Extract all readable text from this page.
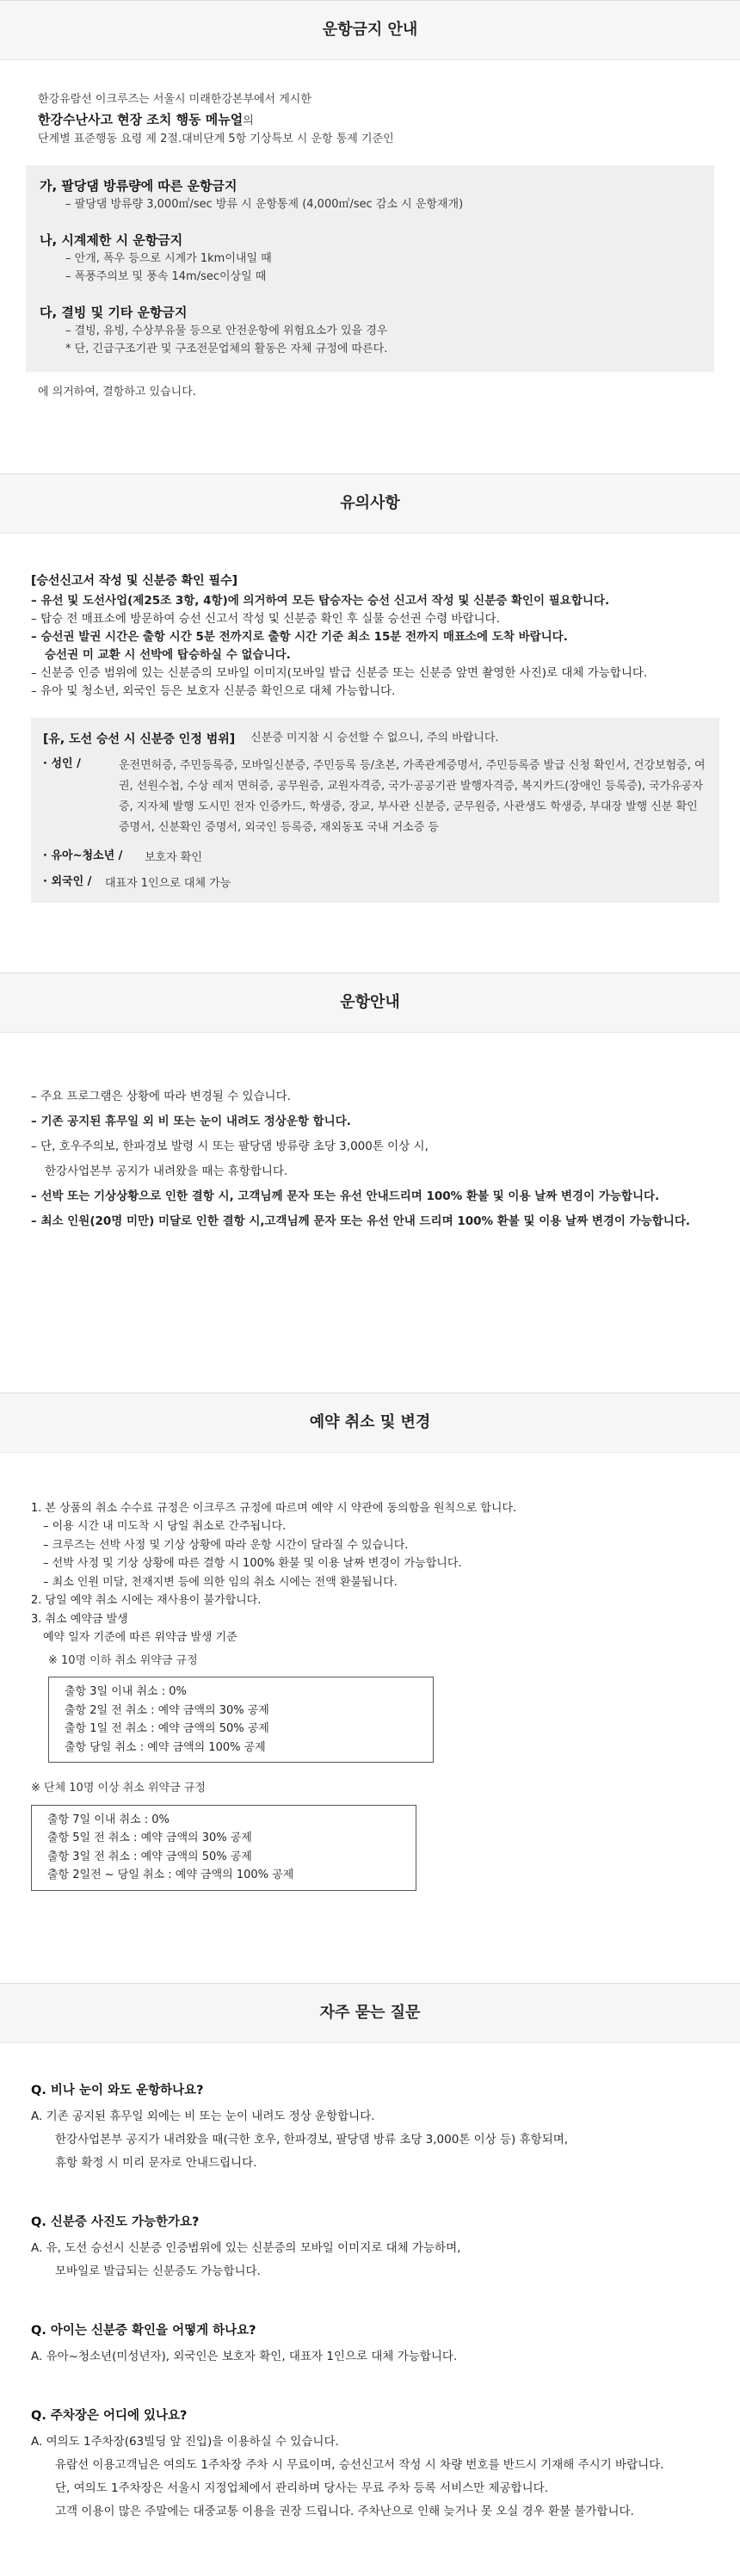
운항금지 안내
한강유람선 이크루즈는 서울시 미래한강본부에서 게시한
한강수난사고 현장 조치 행동 메뉴얼의
단계별 표준행동 요령 제 2절.대비단계 5항 기상특보 시 운항 통제 기준인
가, 팔당댐 방류량에 따른 운항금지
– 팔당댐 방류량 3,000㎥/sec 방류 시 운항통제 (4,000㎥/sec 감소 시 운항재개)
나, 시계제한 시 운항금지
– 안개, 폭우 등으로 시계가 1km이내일 때
– 폭풍주의보 및 풍속 14m/sec이상일 때
다, 결빙 및 기타 운항금지
– 결빙, 유빙, 수상부유물 등으로 안전운항에 위험요소가 있을 경우
* 단, 긴급구조기관 및 구조전문업체의 활동은 자체 규정에 따른다.
에 의거하여, 결항하고 있습니다.
유의사항
[승선신고서 작성 및 신분증 확인 필수]
– 유선 및 도선사업(제25조 3항, 4항)에 의거하여 모든 탑승자는 승선 신고서 작성 및 신분증 확인이 필요합니다.
– 탑승 전 매표소에 방문하여 승선 신고서 작성 및 신분증 확인 후 실물 승선권 수령 바랍니다.
– 승선권 발권 시간은 출항 시간 5분 전까지로 출항 시간 기준 최소 15분 전까지 매표소에 도착 바랍니다.
승선권 미 교환 시 선박에 탑승하실 수 없습니다.
– 신분증 인증 범위에 있는 신분증의 모바일 이미지(모바일 발급 신분증 또는 신분증 앞면 촬영한 사진)로 대체 가능합니다.
– 유아 및 청소년, 외국인 등은 보호자 신분증 확인으로 대체 가능합니다.
[유, 도선 승선 시 신분증 인정 범위] 신분증 미지참 시 승선할 수 없으니, 주의 바랍니다.
· 성인 /	운전면허증, 주민등록증, 모바일신분증, 주민등록 등/초본, 가족관계증명서, 주민등록증 발급 신청 확인서, 건강보험증, 여권, 선원수첩, 수상 레저 면허증, 공무원증, 교원자격증, 국가‧공공기관 발행자격증, 복지카드(장애인 등록증), 국가유공자증, 지자체 발행 도시민 전자 인증카드, 학생증, 장교, 부사관 신분증, 군무원증, 사관생도 학생증, 부대장 발행 신분 확인 증명서, 신분확인 증명서, 외국인 등록증, 재외동포 국내 거소증 등
· 유아~청소년 /	보호자 확인
· 외국인 /	대표자 1인으로 대체 가능
운항안내
– 주요 프로그램은 상황에 따라 변경될 수 있습니다.
– 기존 공지된 휴무일 외 비 또는 눈이 내려도 정상운항 합니다.
– 단, 호우주의보, 한파경보 발령 시 또는 팔당댐 방류량 초당 3,000톤 이상 시,
한강사업본부 공지가 내려왔을 때는 휴항합니다.
– 선박 또는 기상상황으로 인한 결항 시, 고객님께 문자 또는 유선 안내드리며 100% 환불 및 이용 날짜 변경이 가능합니다.
– 최소 인원(20명 미만) 미달로 인한 결항 시,고객님께 문자 또는 유선 안내 드리며 100% 환불 및 이용 날짜 변경이 가능합니다.
예약 취소 및 변경
1. 본 상품의 취소 수수료 규정은 이크루즈 규정에 따르며 예약 시 약관에 동의함을 원칙으로 합니다.
– 이용 시간 내 미도착 시 당일 취소로 간주됩니다.
– 크루즈는 선박 사정 및 기상 상황에 따라 운항 시간이 달라질 수 있습니다.
– 선박 사정 및 기상 상황에 따른 결항 시 100% 환불 및 이용 날짜 변경이 가능합니다.
– 최소 인원 미달, 천재지변 등에 의한 임의 취소 시에는 전액 환불됩니다.
2. 당일 예약 취소 시에는 재사용이 불가합니다.
3. 취소 예약금 발생
예약 일자 기준에 따른 위약금 발생 기준
※ 10명 이하 취소 위약금 규정
출항 3일 이내 취소 : 0%
출항 2일 전 취소 : 예약 금액의 30% 공제
출항 1일 전 취소 : 예약 금액의 50% 공제
출항 당일 취소 : 예약 금액의 100% 공제
※ 단체 10명 이상 취소 위약금 규정
출항 7일 이내 취소 : 0%
출항 5일 전 취소 : 예약 금액의 30% 공제
출항 3일 전 취소 : 예약 금액의 50% 공제
출항 2일전 ~ 당일 취소 : 예약 금액의 100% 공제
자주 묻는 질문
Q. 비나 눈이 와도 운항하나요?
A. 기존 공지된 휴무일 외에는 비 또는 눈이 내려도 정상 운항합니다.
한강사업본부 공지가 내려왔을 때(극한 호우, 한파경보, 팔당댐 방류 초당 3,000톤 이상 등) 휴항되며,
휴항 확정 시 미리 문자로 안내드립니다.
Q. 신분증 사진도 가능한가요?
A. 유, 도선 승선시 신분증 인증범위에 있는 신분증의 모바일 이미지로 대체 가능하며,
모바일로 발급되는 신분증도 가능합니다.
Q. 아이는 신분증 확인을 어떻게 하나요?
A. 유아~청소년(미성년자), 외국인은 보호자 확인, 대표자 1인으로 대체 가능합니다.
Q. 주차장은 어디에 있나요?
A. 여의도 1주차장(63빌딩 앞 진입)을 이용하실 수 있습니다.
유람선 이용고객님은 여의도 1주차장 주차 시 무료이며, 승선신고서 작성 시 차량 번호를 반드시 기재해 주시기 바랍니다.
단, 여의도 1주차장은 서울시 지정업체에서 관리하며 당사는 무료 주차 등록 서비스만 제공합니다.
고객 이용이 많은 주말에는 대중교통 이용을 권장 드립니다. 주차난으로 인해 늦거나 못 오실 경우 환불 불가합니다.
